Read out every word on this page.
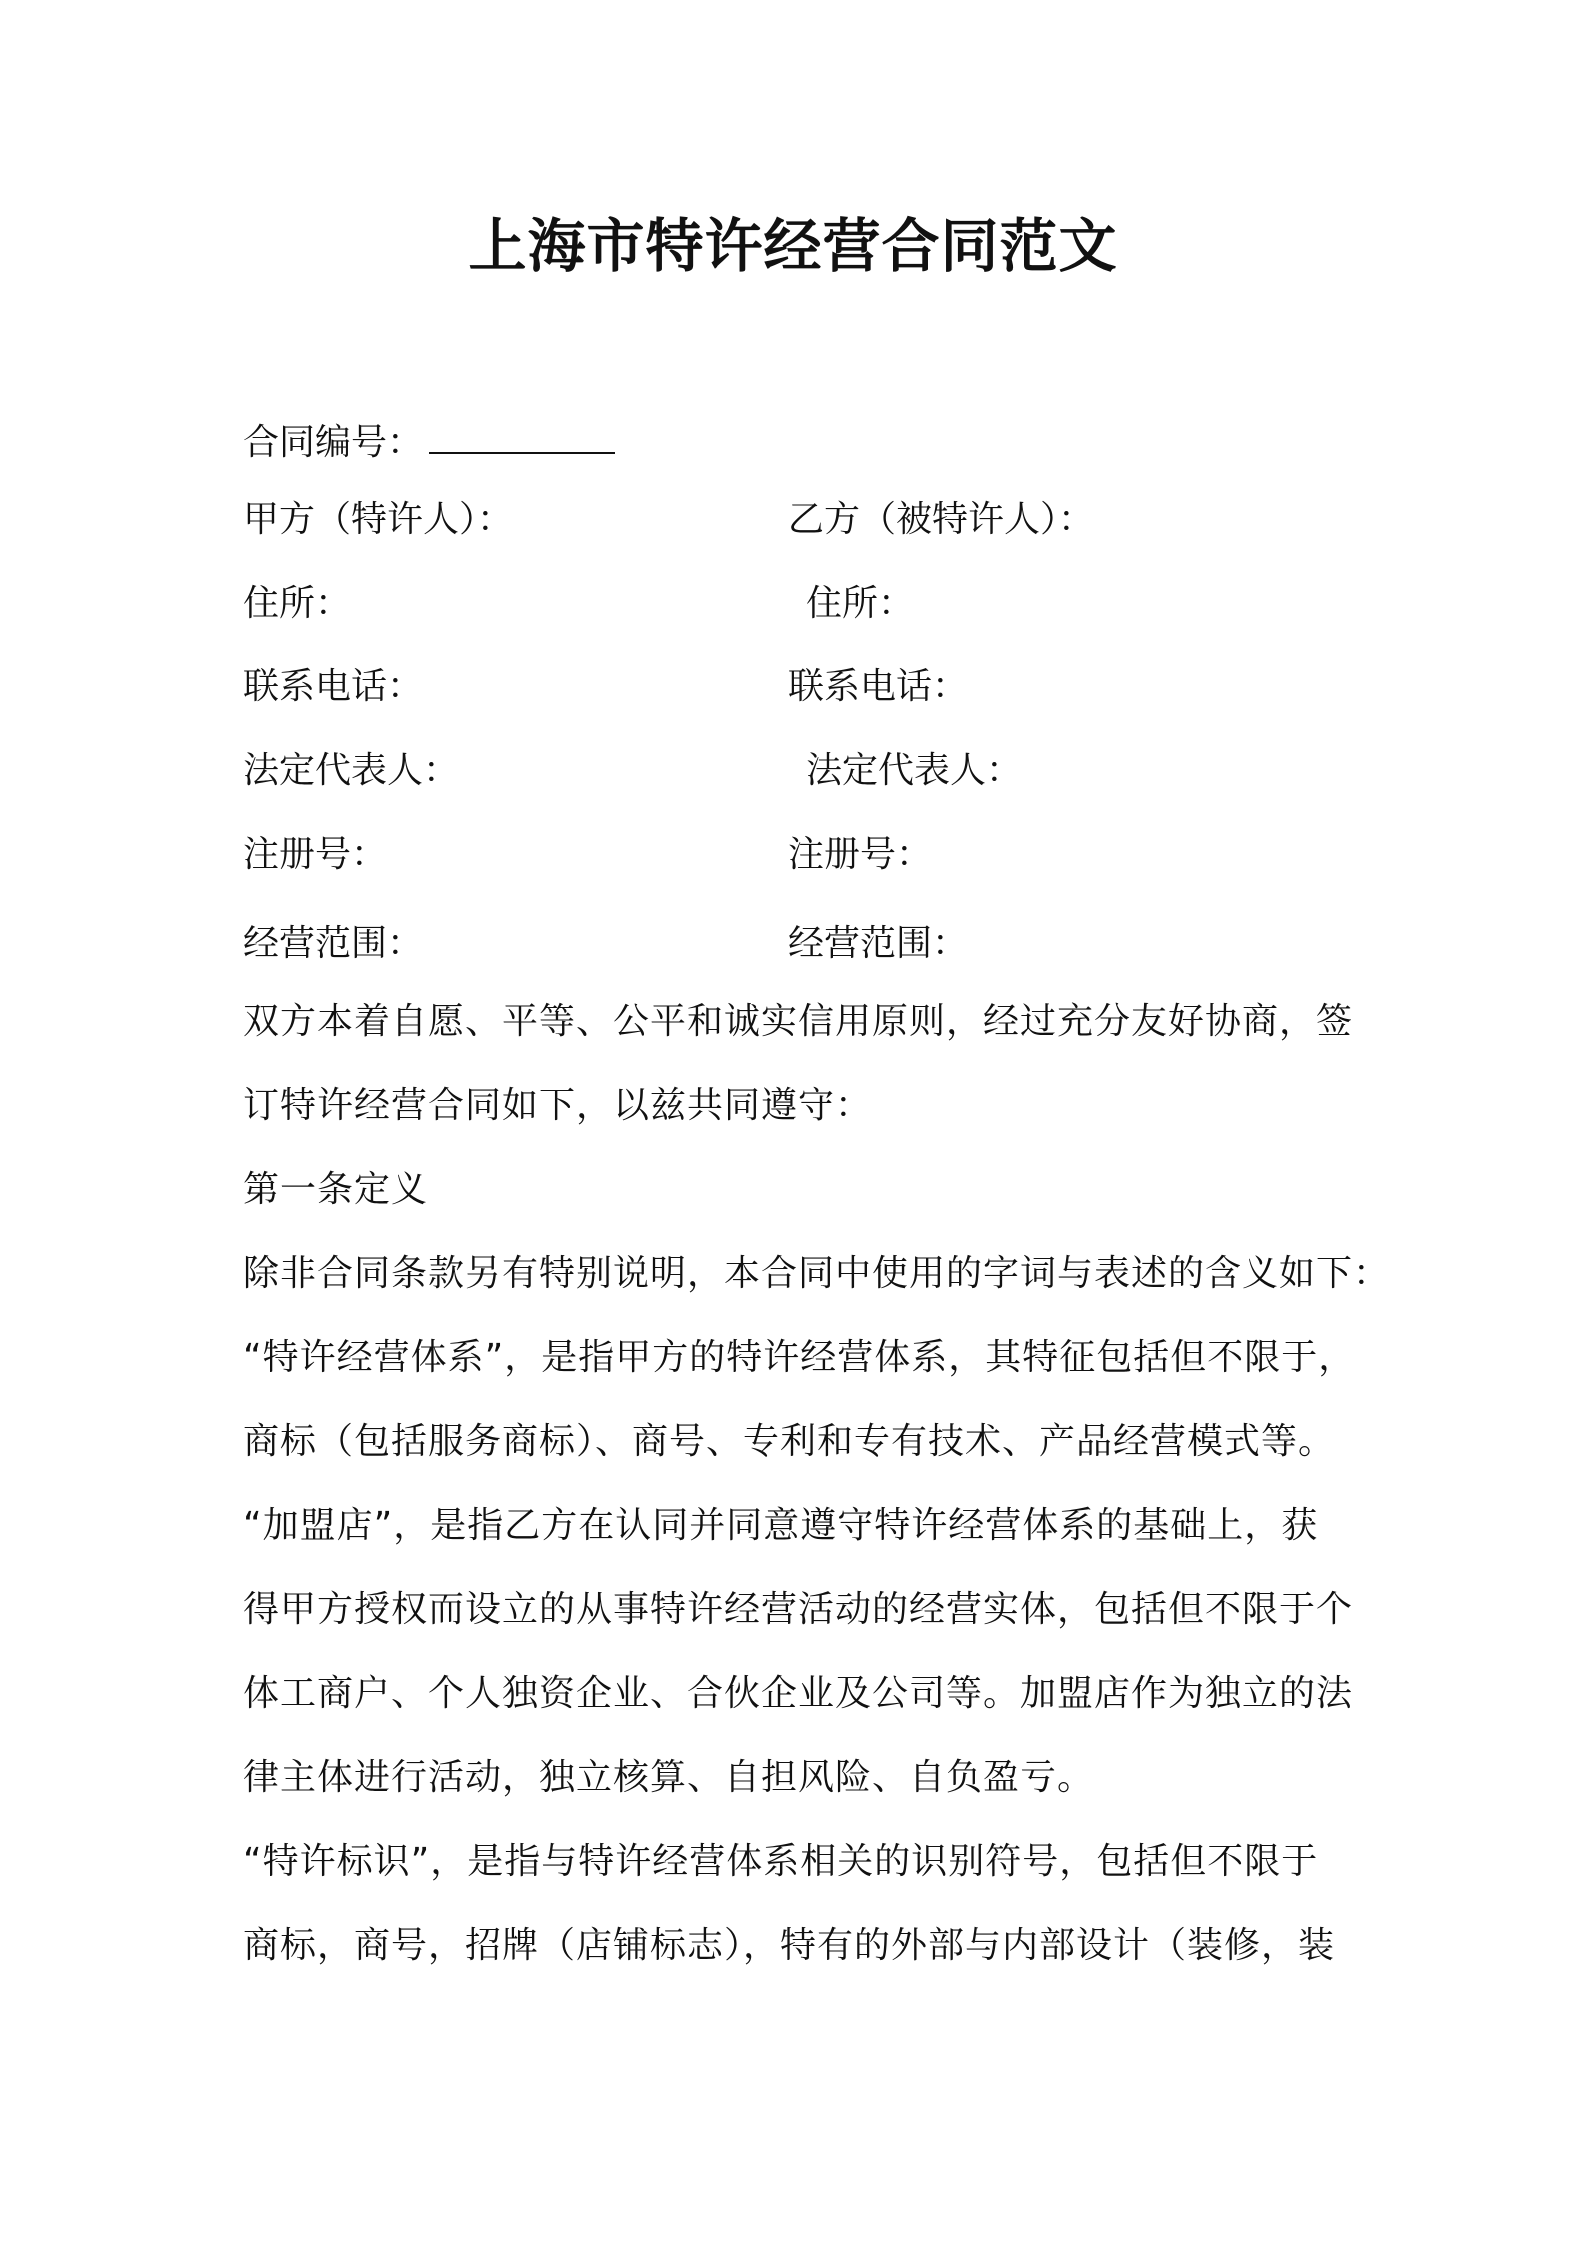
上海市特许经营合同范文
合同编号：
甲方（特许人）：
住所：
联系电话：
法定代表人：
注册号：
经营范围：
乙方（被特许人）：
住所：
联系电话：
法定代表人：
注册号：
经营范围：
双方本着自愿、平等、公平和诚实信用原则，经过充分友好协商，签
订特许经营合同如下，以兹共同遵守：
第一条定义
除非合同条款另有特别说明，本合同中使用的字词与表述的含义如下：
“特许经营体系”，是指甲方的特许经营体系，其特征包括但不限于，
商标（包括服务商标）、商号、专利和专有技术、产品经营模式等。
“加盟店”，是指乙方在认同并同意遵守特许经营体系的基础上，获
得甲方授权而设立的从事特许经营活动的经营实体，包括但不限于个
体工商户、个人独资企业、合伙企业及公司等。加盟店作为独立的法
律主体进行活动，独立核算、自担风险、自负盈亏。
“特许标识”，是指与特许经营体系相关的识别符号，包括但不限于
商标，商号，招牌（店铺标志），特有的外部与内部设计（装修，装
